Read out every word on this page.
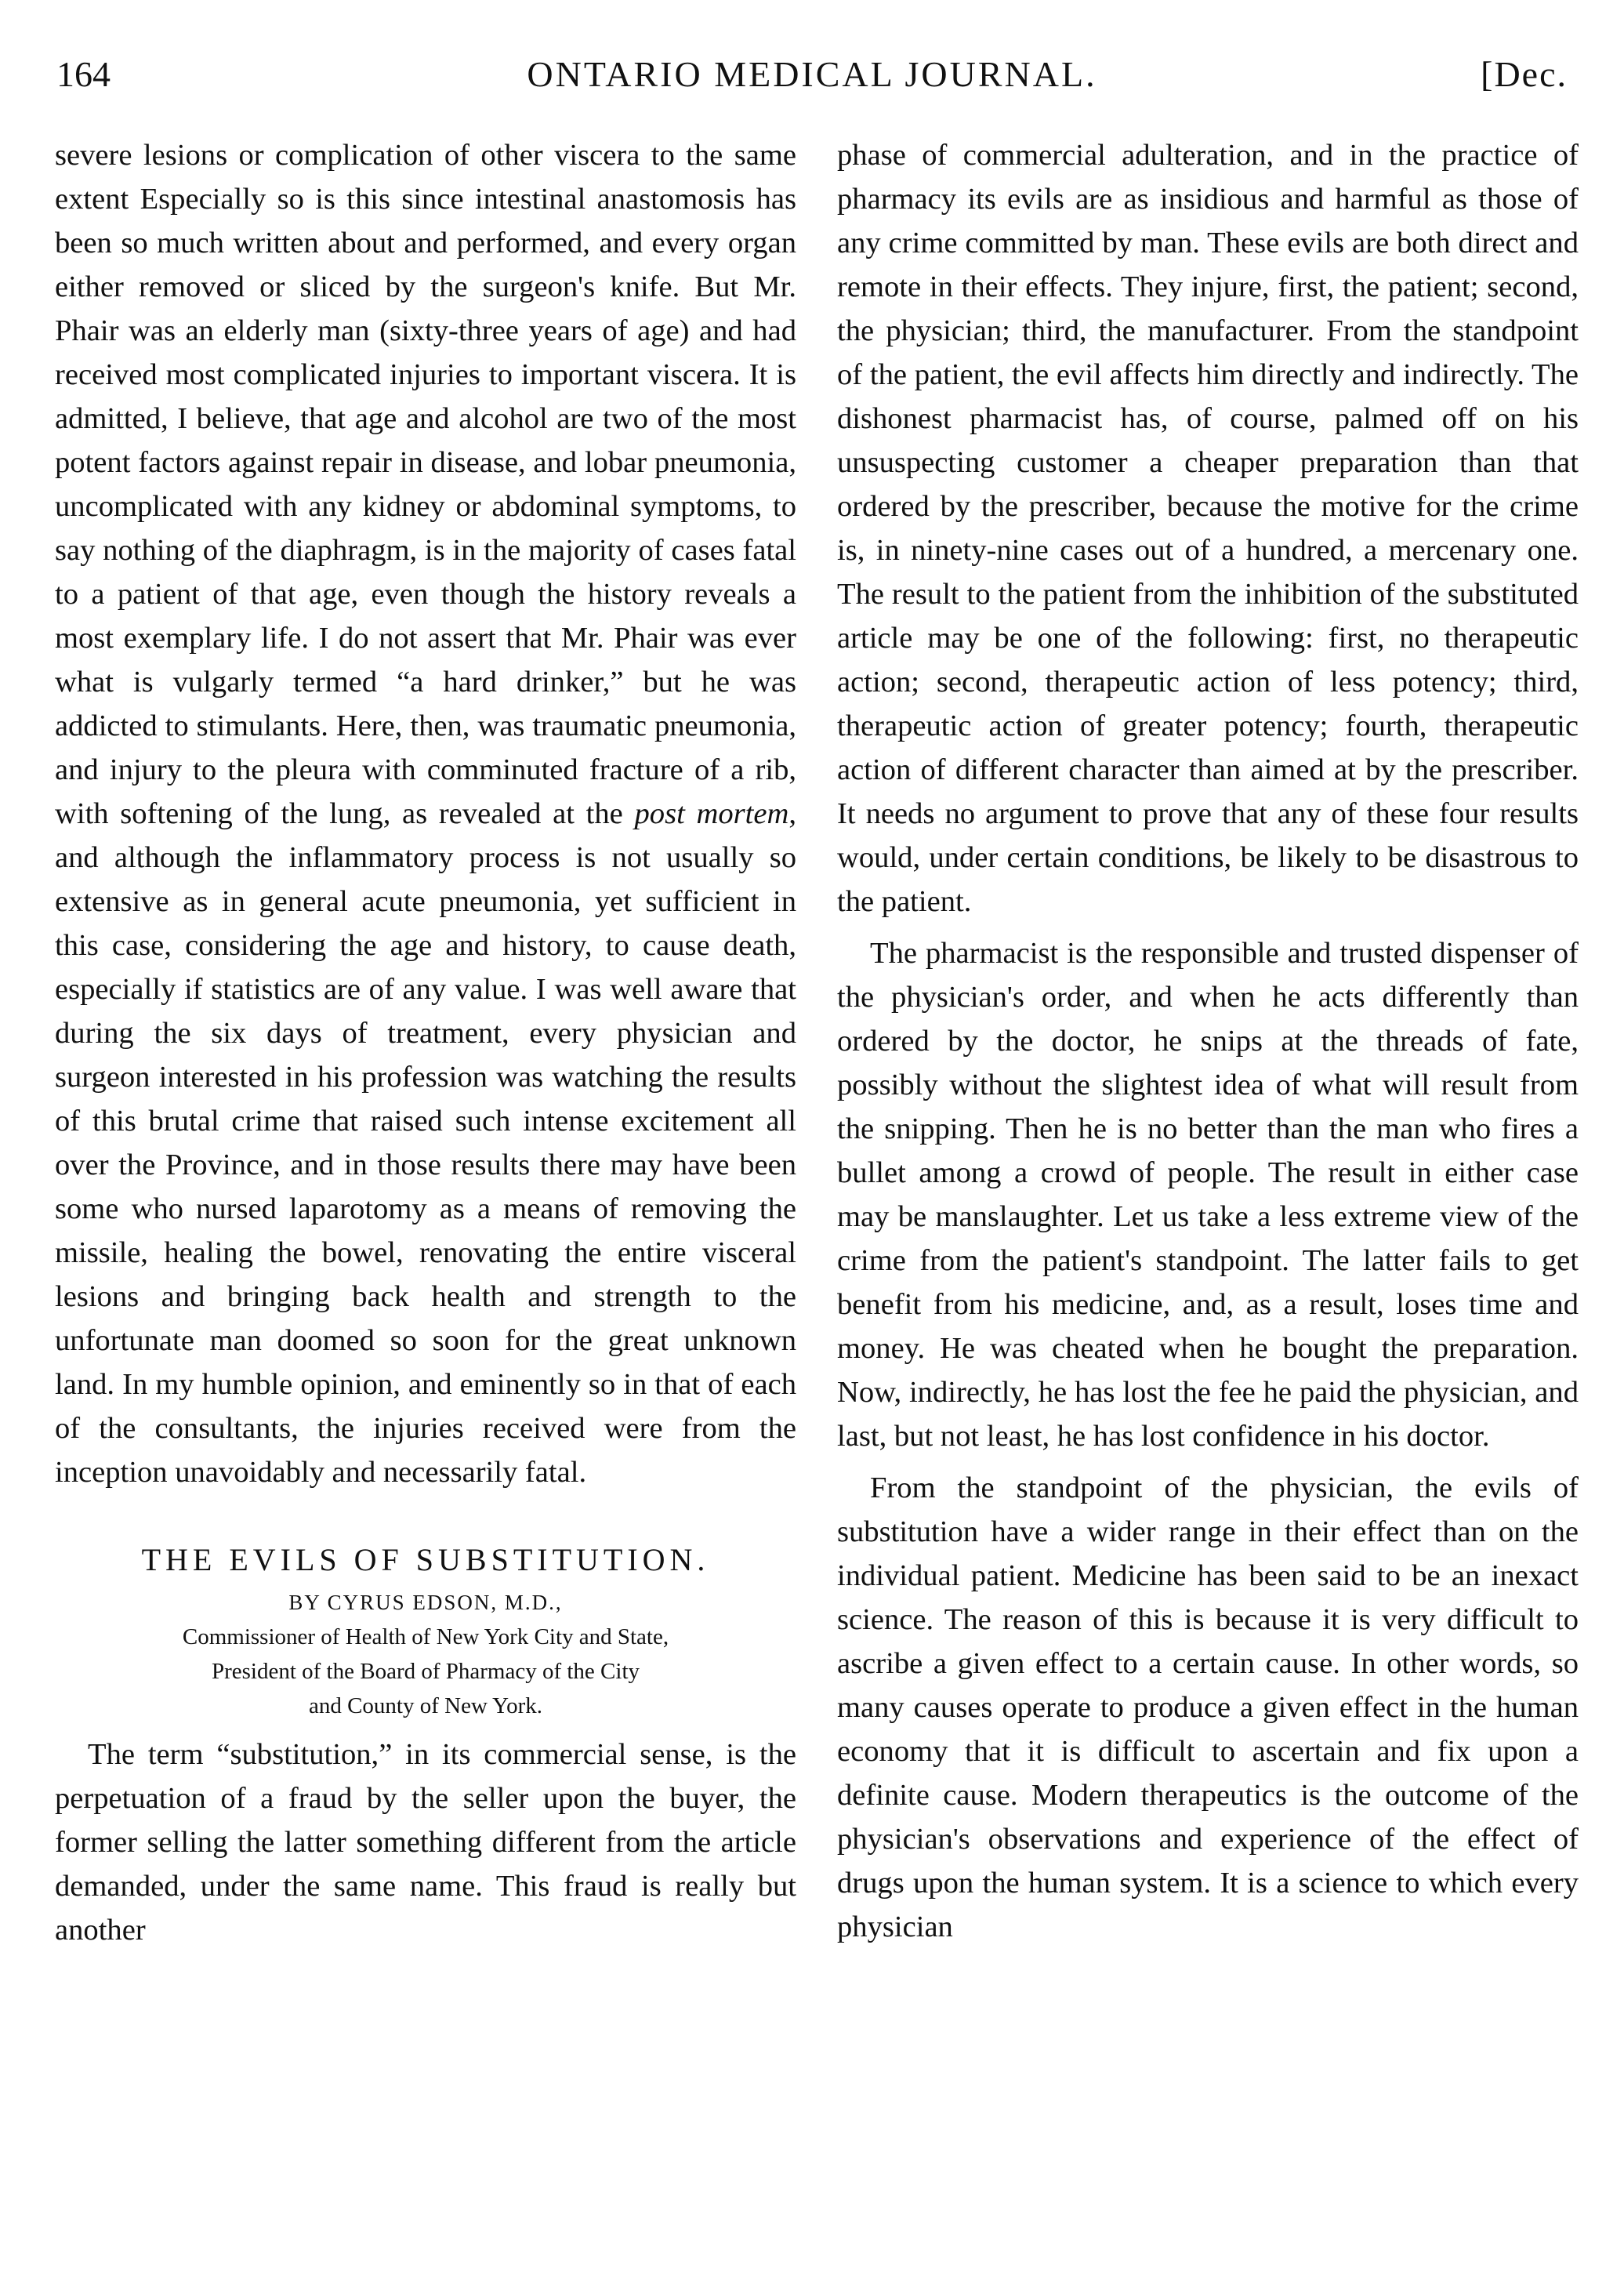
164	ONTARIO MEDICAL JOURNAL.	[Dec.

severe lesions or complication of other viscera to the same extent Especially so is this since intestinal anastomosis has been so much written about and performed, and every organ either removed or sliced by the surgeon's knife. But Mr. Phair was an elderly man (sixty-three years of age) and had received most complicated injuries to important viscera. It is admitted, I believe, that age and alcohol are two of the most potent factors against repair in disease, and lobar pneumonia, uncomplicated with any kidney or abdominal symptoms, to say nothing of the diaphragm, is in the majority of cases fatal to a patient of that age, even though the history reveals a most exemplary life. I do not assert that Mr. Phair was ever what is vulgarly termed “a hard drinker,” but he was addicted to stimulants. Here, then, was traumatic pneumonia, and injury to the pleura with comminuted fracture of a rib, with softening of the lung, as revealed at the post mortem, and although the inflammatory process is not usually so extensive as in general acute pneumonia, yet sufficient in this case, considering the age and history, to cause death, especially if statistics are of any value. I was well aware that during the six days of treatment, every physician and surgeon interested in his profession was watching the results of this brutal crime that raised such intense excitement all over the Province, and in those results there may have been some who nursed laparotomy as a means of removing the missile, healing the bowel, renovating the entire visceral lesions and bringing back health and strength to the unfortunate man doomed so soon for the great unknown land. In my humble opinion, and eminently so in that of each of the consultants, the injuries received were from the inception unavoidably and necessarily fatal.

THE EVILS OF SUBSTITUTION.
BY CYRUS EDSON, M.D.,
Commissioner of Health of New York City and State,
President of the Board of Pharmacy of the City
and County of New York.

The term “substitution,” in its commercial sense, is the perpetuation of a fraud by the seller upon the buyer, the former selling the latter something different from the article demanded, under the same name. This fraud is really but another

phase of commercial adulteration, and in the practice of pharmacy its evils are as insidious and harmful as those of any crime committed by man. These evils are both direct and remote in their effects. They injure, first, the patient; second, the physician; third, the manufacturer. From the standpoint of the patient, the evil affects him directly and indirectly. The dishonest pharmacist has, of course, palmed off on his unsuspecting customer a cheaper preparation than that ordered by the prescriber, because the motive for the crime is, in ninety-nine cases out of a hundred, a mercenary one. The result to the patient from the inhibition of the substituted article may be one of the following: first, no therapeutic action; second, therapeutic action of less potency; third, therapeutic action of greater potency; fourth, therapeutic action of different character than aimed at by the prescriber. It needs no argument to prove that any of these four results would, under certain conditions, be likely to be disastrous to the patient.

The pharmacist is the responsible and trusted dispenser of the physician's order, and when he acts differently than ordered by the doctor, he snips at the threads of fate, possibly without the slightest idea of what will result from the snipping. Then he is no better than the man who fires a bullet among a crowd of people. The result in either case may be manslaughter. Let us take a less extreme view of the crime from the patient's standpoint. The latter fails to get benefit from his medicine, and, as a result, loses time and money. He was cheated when he bought the preparation. Now, indirectly, he has lost the fee he paid the physician, and last, but not least, he has lost confidence in his doctor.

From the standpoint of the physician, the evils of substitution have a wider range in their effect than on the individual patient. Medicine has been said to be an inexact science. The reason of this is because it is very difficult to ascribe a given effect to a certain cause. In other words, so many causes operate to produce a given effect in the human economy that it is difficult to ascertain and fix upon a definite cause. Modern therapeutics is the outcome of the physician's observations and experience of the effect of drugs upon the human system. It is a science to which every physician
